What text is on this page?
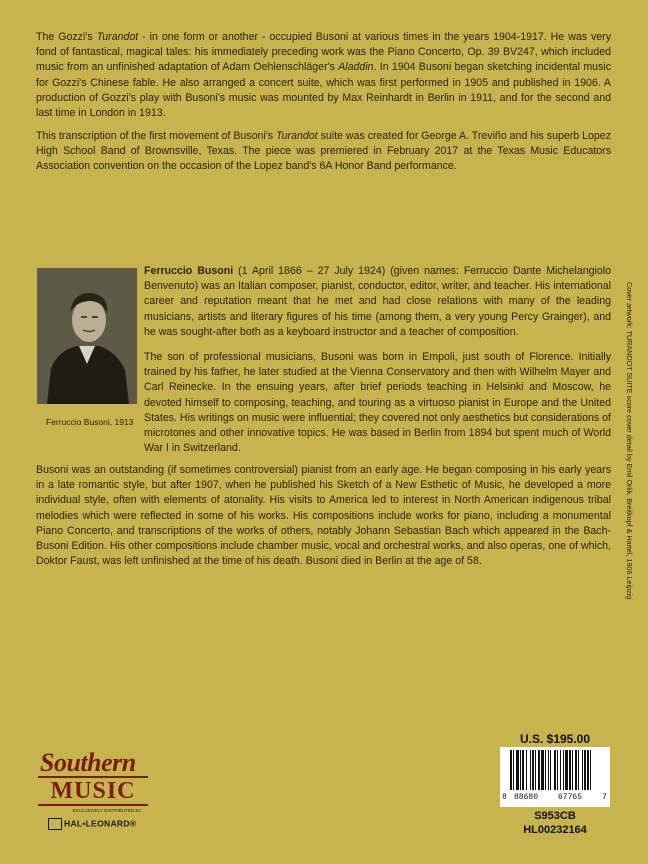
The Gozzi's Turandot - in one form or another - occupied Busoni at various times in the years 1904-1917. He was very fond of fantastical, magical tales: his immediately preceding work was the Piano Concerto, Op. 39 BV247, which included music from an unfinished adaptation of Adam Oehlenschläger's Aladdin. In 1904 Busoni began sketching incidental music for Gozzi's Chinese fable. He also arranged a concert suite, which was first performed in 1905 and published in 1906. A production of Gozzi's play with Busoni's music was mounted by Max Reinhardt in Berlin in 1911, and for the second and last time in London in 1913.
This transcription of the first movement of Busoni's Turandot suite was created for George A. Treviño and his superb Lopez High School Band of Brownsville, Texas. The piece was premiered in February 2017 at the Texas Music Educators Association convention on the occasion of the Lopez band's 6A Honor Band performance.
Ferruccio Busoni, 1913
Ferruccio Busoni (1 April 1866 – 27 July 1924) (given names: Ferruccio Dante Michelangiolo Benvenuto) was an Italian composer, pianist, conductor, editor, writer, and teacher. His international career and reputation meant that he met and had close relations with many of the leading musicians, artists and literary figures of his time (among them, a very young Percy Grainger), and he was sought-after both as a keyboard instructor and a teacher of composition.
The son of professional musicians, Busoni was born in Empoli, just south of Florence. Initially trained by his father, he later studied at the Vienna Conservatory and then with Wilhelm Mayer and Carl Reinecke. In the ensuing years, after brief periods teaching in Helsinki and Moscow, he devoted himself to composing, teaching, and touring as a virtuoso pianist in Europe and the United States. His writings on music were influential; they covered not only aesthetics but considerations of microtones and other innovative topics. He was based in Berlin from 1894 but spent much of World War I in Switzerland.
Busoni was an outstanding (if sometimes controversial) pianist from an early age. He began composing in his early years in a late romantic style, but after 1907, when he published his Sketch of a New Esthetic of Music, he developed a more individual style, often with elements of atonality. His visits to America led to interest in North American indigenous tribal melodies which were reflected in some of his works. His compositions include works for piano, including a monumental Piano Concerto, and transcriptions of the works of others, notably Johann Sebastian Bach which appeared in the Bach-Busoni Edition. His other compositions include chamber music, vocal and orchestral works, and also operas, one of which, Doktor Faust, was left unfinished at the time of his death. Busoni died in Berlin at the age of 58.	Cover artwork: TURANDOT SUITE score cover detail by Emil Orlik. Breitkopf & Hartel, 1906 Leipzig
Southern
MUSIC
EXCLUSIVELY DISTRIBUTED BY
HAL•LEONARD®
U.S. $195.00
8 88680 67765 7
S953CB
HL00232164
